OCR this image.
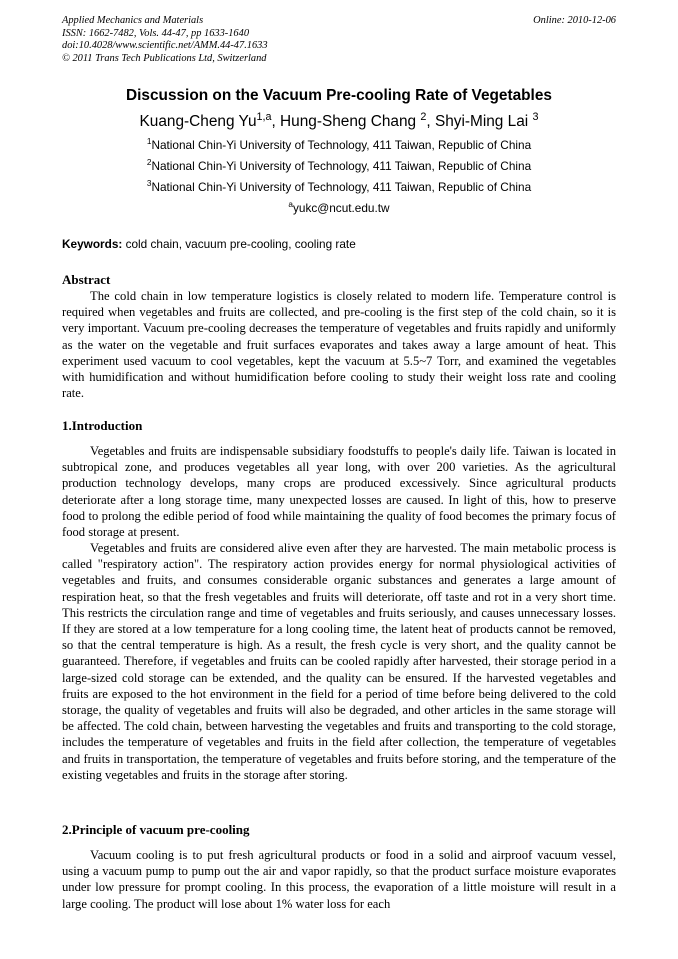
Applied Mechanics and Materials
ISSN: 1662-7482, Vols. 44-47, pp 1633-1640
doi:10.4028/www.scientific.net/AMM.44-47.1633
© 2011 Trans Tech Publications Ltd, Switzerland
Online: 2010-12-06
Discussion on the Vacuum Pre-cooling Rate of Vegetables
Kuang-Cheng Yu$^{1,a}$, Hung-Sheng Chang $^2$, Shyi-Ming Lai $^3$
$^1$National Chin-Yi University of Technology, 411 Taiwan, Republic of China
$^2$National Chin-Yi University of Technology, 411 Taiwan, Republic of China
$^3$National Chin-Yi University of Technology, 411 Taiwan, Republic of China
$^a$yukc@ncut.edu.tw
Keywords: cold chain, vacuum pre-cooling, cooling rate
Abstract
The cold chain in low temperature logistics is closely related to modern life. Temperature control is required when vegetables and fruits are collected, and pre-cooling is the first step of the cold chain, so it is very important. Vacuum pre-cooling decreases the temperature of vegetables and fruits rapidly and uniformly as the water on the vegetable and fruit surfaces evaporates and takes away a large amount of heat. This experiment used vacuum to cool vegetables, kept the vacuum at 5.5~7 Torr, and examined the vegetables with humidification and without humidification before cooling to study their weight loss rate and cooling rate.
1.Introduction
Vegetables and fruits are indispensable subsidiary foodstuffs to people's daily life. Taiwan is located in subtropical zone, and produces vegetables all year long, with over 200 varieties. As the agricultural production technology develops, many crops are produced excessively. Since agricultural products deteriorate after a long storage time, many unexpected losses are caused. In light of this, how to preserve food to prolong the edible period of food while maintaining the quality of food becomes the primary focus of food storage at present.
Vegetables and fruits are considered alive even after they are harvested. The main metabolic process is called "respiratory action". The respiratory action provides energy for normal physiological activities of vegetables and fruits, and consumes considerable organic substances and generates a large amount of respiration heat, so that the fresh vegetables and fruits will deteriorate, off taste and rot in a very short time. This restricts the circulation range and time of vegetables and fruits seriously, and causes unnecessary losses. If they are stored at a low temperature for a long cooling time, the latent heat of products cannot be removed, so that the central temperature is high. As a result, the fresh cycle is very short, and the quality cannot be guaranteed. Therefore, if vegetables and fruits can be cooled rapidly after harvested, their storage period in a large-sized cold storage can be extended, and the quality can be ensured. If the harvested vegetables and fruits are exposed to the hot environment in the field for a period of time before being delivered to the cold storage, the quality of vegetables and fruits will also be degraded, and other articles in the same storage will be affected. The cold chain, between harvesting the vegetables and fruits and transporting to the cold storage, includes the temperature of vegetables and fruits in the field after collection, the temperature of vegetables and fruits in transportation, the temperature of vegetables and fruits before storing, and the temperature of the existing vegetables and fruits in the storage after storing.
2.Principle of vacuum pre-cooling
Vacuum cooling is to put fresh agricultural products or food in a solid and airproof vacuum vessel, using a vacuum pump to pump out the air and vapor rapidly, so that the product surface moisture evaporates under low pressure for prompt cooling. In this process, the evaporation of a little moisture will result in a large cooling. The product will lose about 1% water loss for each
